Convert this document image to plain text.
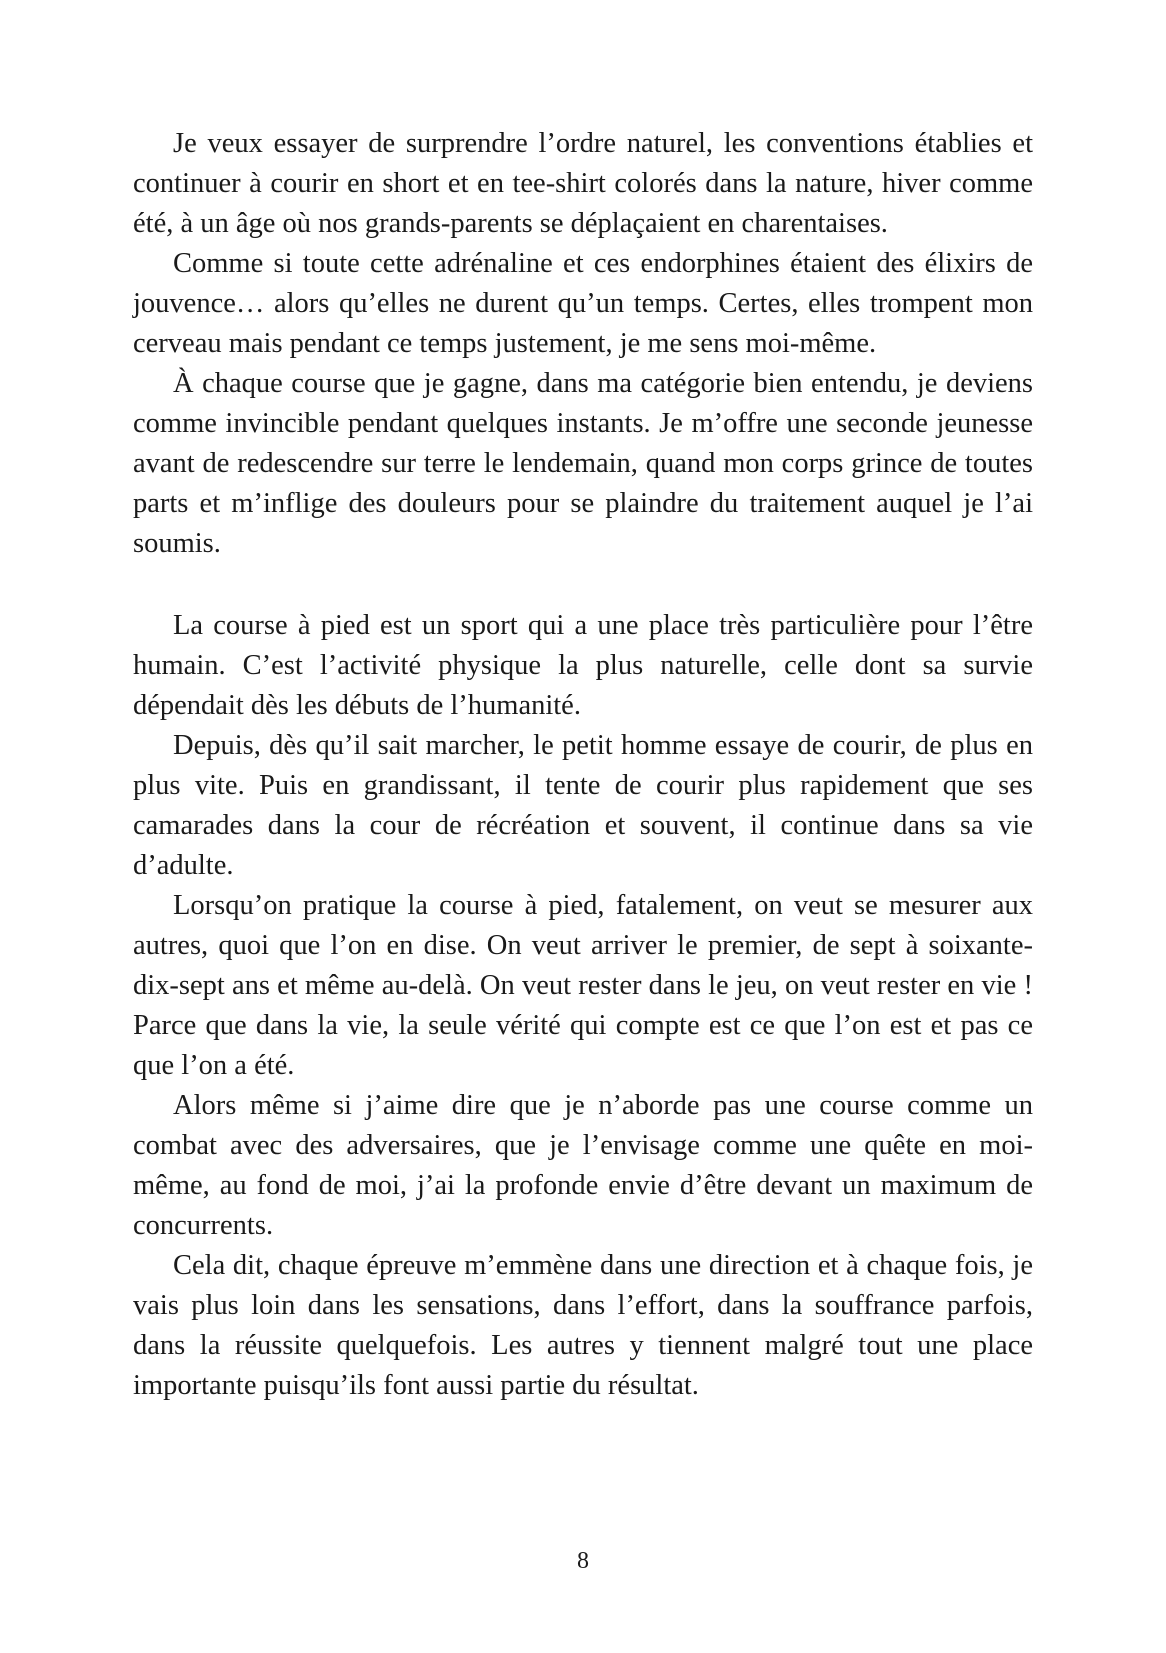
Je veux essayer de surprendre l’ordre naturel, les conventions établies et continuer à courir en short et en tee-shirt colorés dans la nature, hiver comme été, à un âge où nos grands-parents se déplaçaient en charentaises.

Comme si toute cette adrénaline et ces endorphines étaient des élixirs de jouvence… alors qu’elles ne durent qu’un temps. Certes, elles trompent mon cerveau mais pendant ce temps justement, je me sens moi-même.

À chaque course que je gagne, dans ma catégorie bien entendu, je deviens comme invincible pendant quelques instants. Je m’offre une seconde jeunesse avant de redescendre sur terre le lendemain, quand mon corps grince de toutes parts et m’inflige des douleurs pour se plaindre du traitement auquel je l’ai soumis.

La course à pied est un sport qui a une place très particulière pour l’être humain. C’est l’activité physique la plus naturelle, celle dont sa survie dépendait dès les débuts de l’humanité.

Depuis, dès qu’il sait marcher, le petit homme essaye de courir, de plus en plus vite. Puis en grandissant, il tente de courir plus rapidement que ses camarades dans la cour de récréation et souvent, il continue dans sa vie d’adulte.

Lorsqu’on pratique la course à pied, fatalement, on veut se mesurer aux autres, quoi que l’on en dise. On veut arriver le premier, de sept à soixante-dix-sept ans et même au-delà. On veut rester dans le jeu, on veut rester en vie ! Parce que dans la vie, la seule vérité qui compte est ce que l’on est et pas ce que l’on a été.

Alors même si j’aime dire que je n’aborde pas une course comme un combat avec des adversaires, que je l’envisage comme une quête en moi-même, au fond de moi, j’ai la profonde envie d’être devant un maximum de concurrents.

Cela dit, chaque épreuve m’emmène dans une direction et à chaque fois, je vais plus loin dans les sensations, dans l’effort, dans la souffrance parfois, dans la réussite quelquefois. Les autres y tiennent malgré tout une place importante puisqu’ils font aussi partie du résultat.

8
